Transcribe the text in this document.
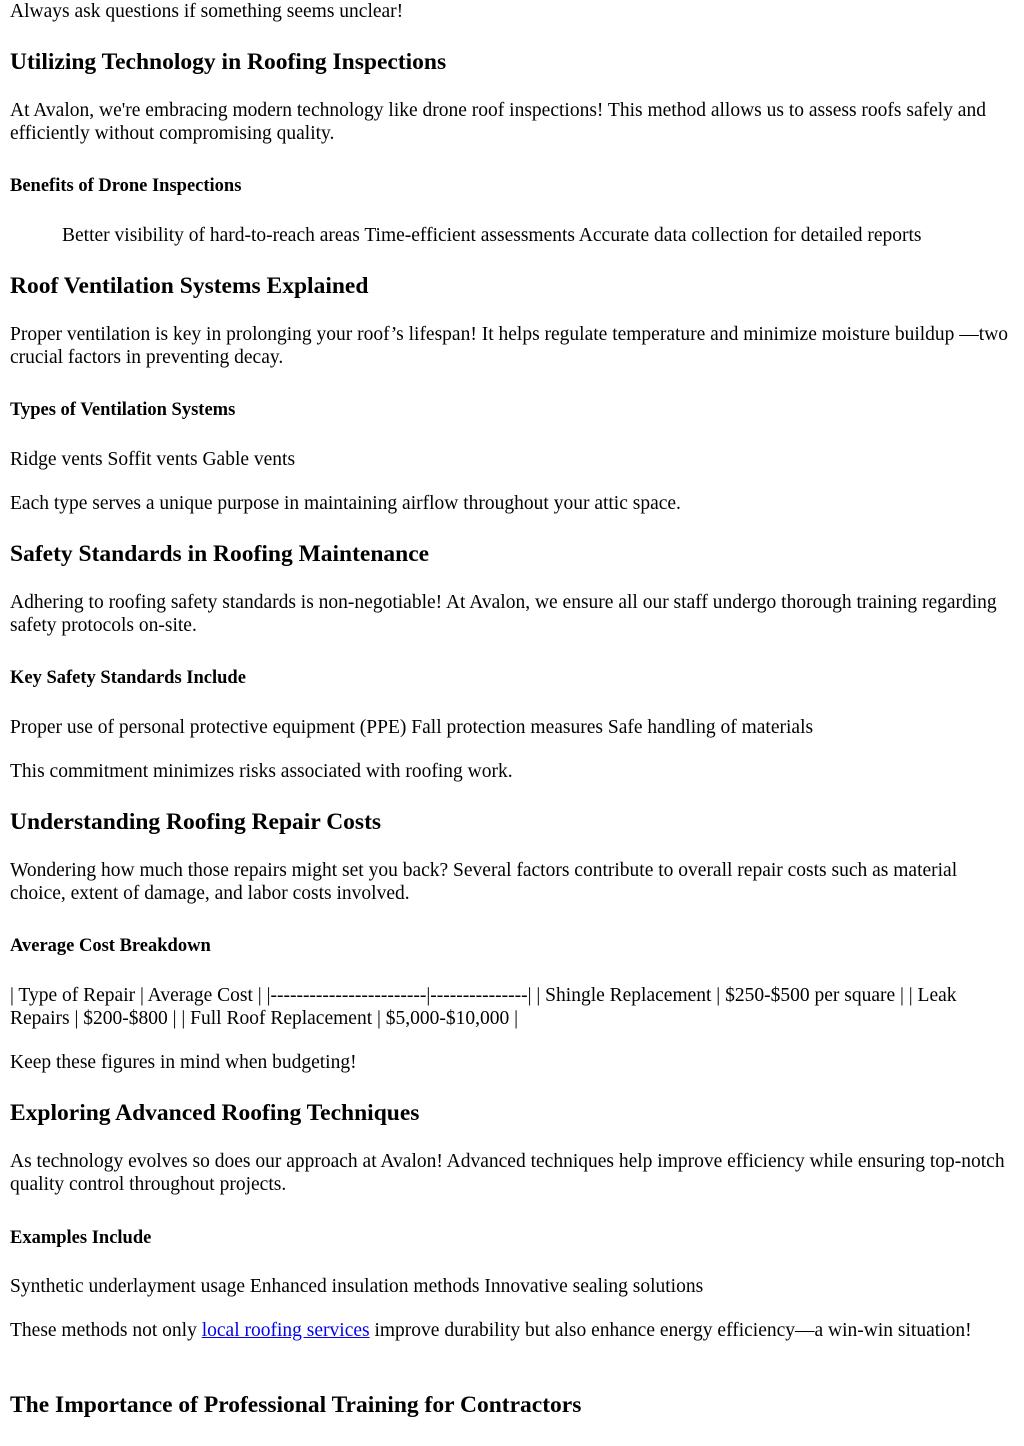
Always ask questions if something seems unclear!

Utilizing Technology in Roofing Inspections

At Avalon, we're embracing modern technology like drone roof inspections! This method allows us to assess roofs safely and efficiently without compromising quality.

Benefits of Drone Inspections

Better visibility of hard-to-reach areas Time-efficient assessments Accurate data collection for detailed reports

Roof Ventilation Systems Explained

Proper ventilation is key in prolonging your roof’s lifespan! It helps regulate temperature and minimize moisture buildup —two crucial factors in preventing decay.

Types of Ventilation Systems

Ridge vents Soffit vents Gable vents

Each type serves a unique purpose in maintaining airflow throughout your attic space.

Safety Standards in Roofing Maintenance

Adhering to roofing safety standards is non-negotiable! At Avalon, we ensure all our staff undergo thorough training regarding safety protocols on-site.

Key Safety Standards Include

Proper use of personal protective equipment (PPE) Fall protection measures Safe handling of materials

This commitment minimizes risks associated with roofing work.

Understanding Roofing Repair Costs

Wondering how much those repairs might set you back? Several factors contribute to overall repair costs such as material choice, extent of damage, and labor costs involved.

Average Cost Breakdown

| Type of Repair | Average Cost | |------------------------|---------------| | Shingle Replacement | $250-$500 per square | | Leak Repairs | $200-$800 | | Full Roof Replacement | $5,000-$10,000 |

Keep these figures in mind when budgeting!

Exploring Advanced Roofing Techniques

As technology evolves so does our approach at Avalon! Advanced techniques help improve efficiency while ensuring top-notch quality control throughout projects.

Examples Include

Synthetic underlayment usage Enhanced insulation methods Innovative sealing solutions

These methods not only local roofing services improve durability but also enhance energy efficiency—a win-win situation!

The Importance of Professional Training for Contractors
